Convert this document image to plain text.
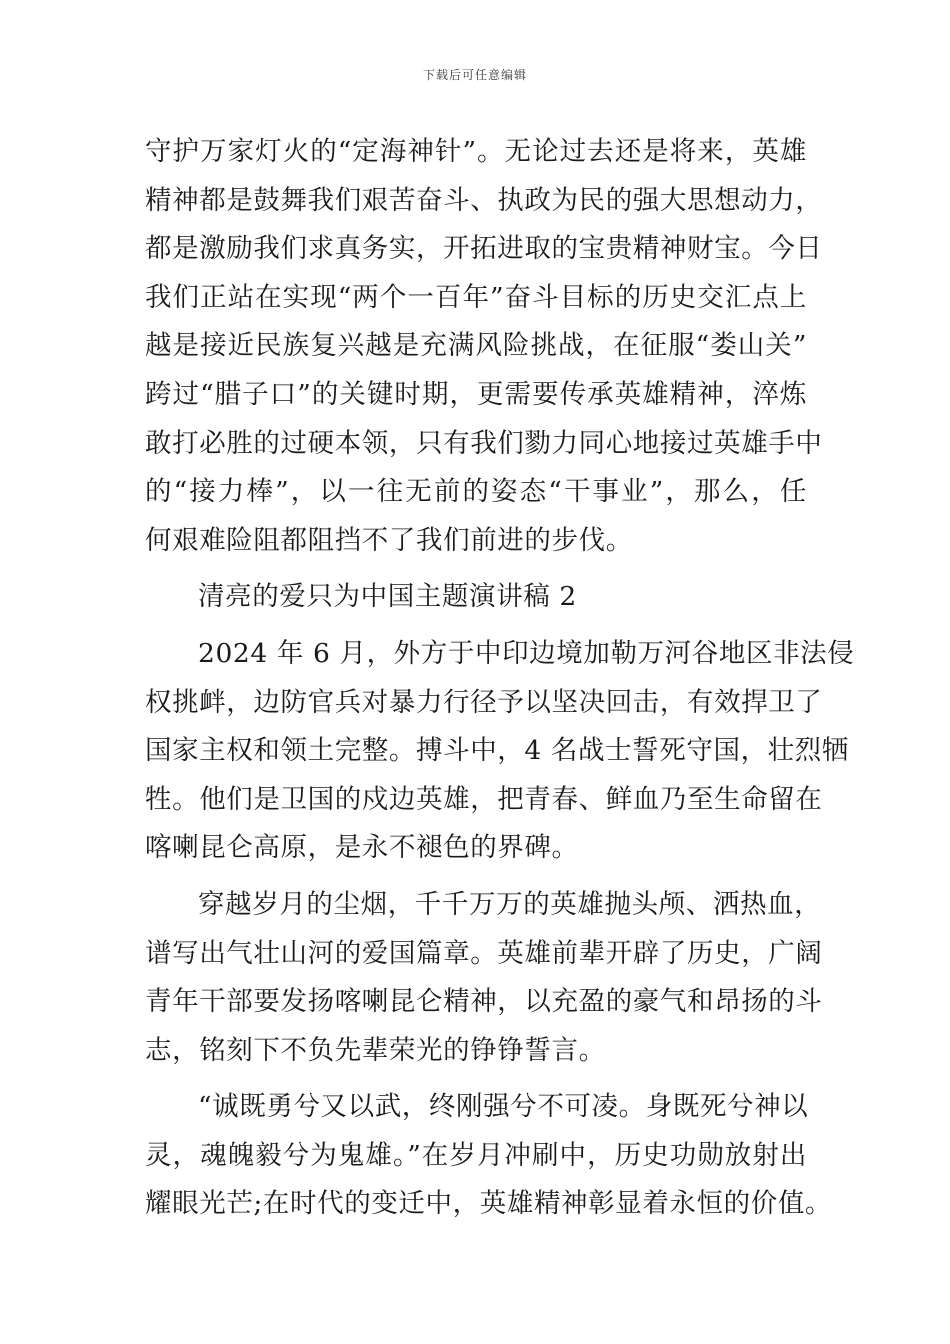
下载后可任意编辑
守护万家灯火的“定海神针”。无论过去还是将来，英雄
精神都是鼓舞我们艰苦奋斗、执政为民的强大思想动力，
都是激励我们求真务实，开拓进取的宝贵精神财宝。今日
我们正站在实现“两个一百年”奋斗目标的历史交汇点上
越是接近民族复兴越是充满风险挑战，在征服“娄山关”
跨过“腊子口”的关键时期，更需要传承英雄精神，淬炼
敢打必胜的过硬本领，只有我们勠力同心地接过英雄手中
的“接力棒”，以一往无前的姿态“干事业”，那么，任
何艰难险阻都阻挡不了我们前进的步伐。
清亮的爱只为中国主题演讲稿 2
2024 年 6 月，外方于中印边境加勒万河谷地区非法侵
权挑衅，边防官兵对暴力行径予以坚决回击，有效捍卫了
国家主权和领土完整。搏斗中，4 名战士誓死守国，壮烈牺
牲。他们是卫国的戍边英雄，把青春、鲜血乃至生命留在
喀喇昆仑高原，是永不褪色的界碑。
穿越岁月的尘烟，千千万万的英雄抛头颅、洒热血，
谱写出气壮山河的爱国篇章。英雄前辈开辟了历史，广阔
青年干部要发扬喀喇昆仑精神，以充盈的豪气和昂扬的斗
志，铭刻下不负先辈荣光的铮铮誓言。
“诚既勇兮又以武，终刚强兮不可凌。身既死兮神以
灵，魂魄毅兮为鬼雄。”在岁月冲刷中，历史功勋放射出
耀眼光芒;在时代的变迁中，英雄精神彰显着永恒的价值。
